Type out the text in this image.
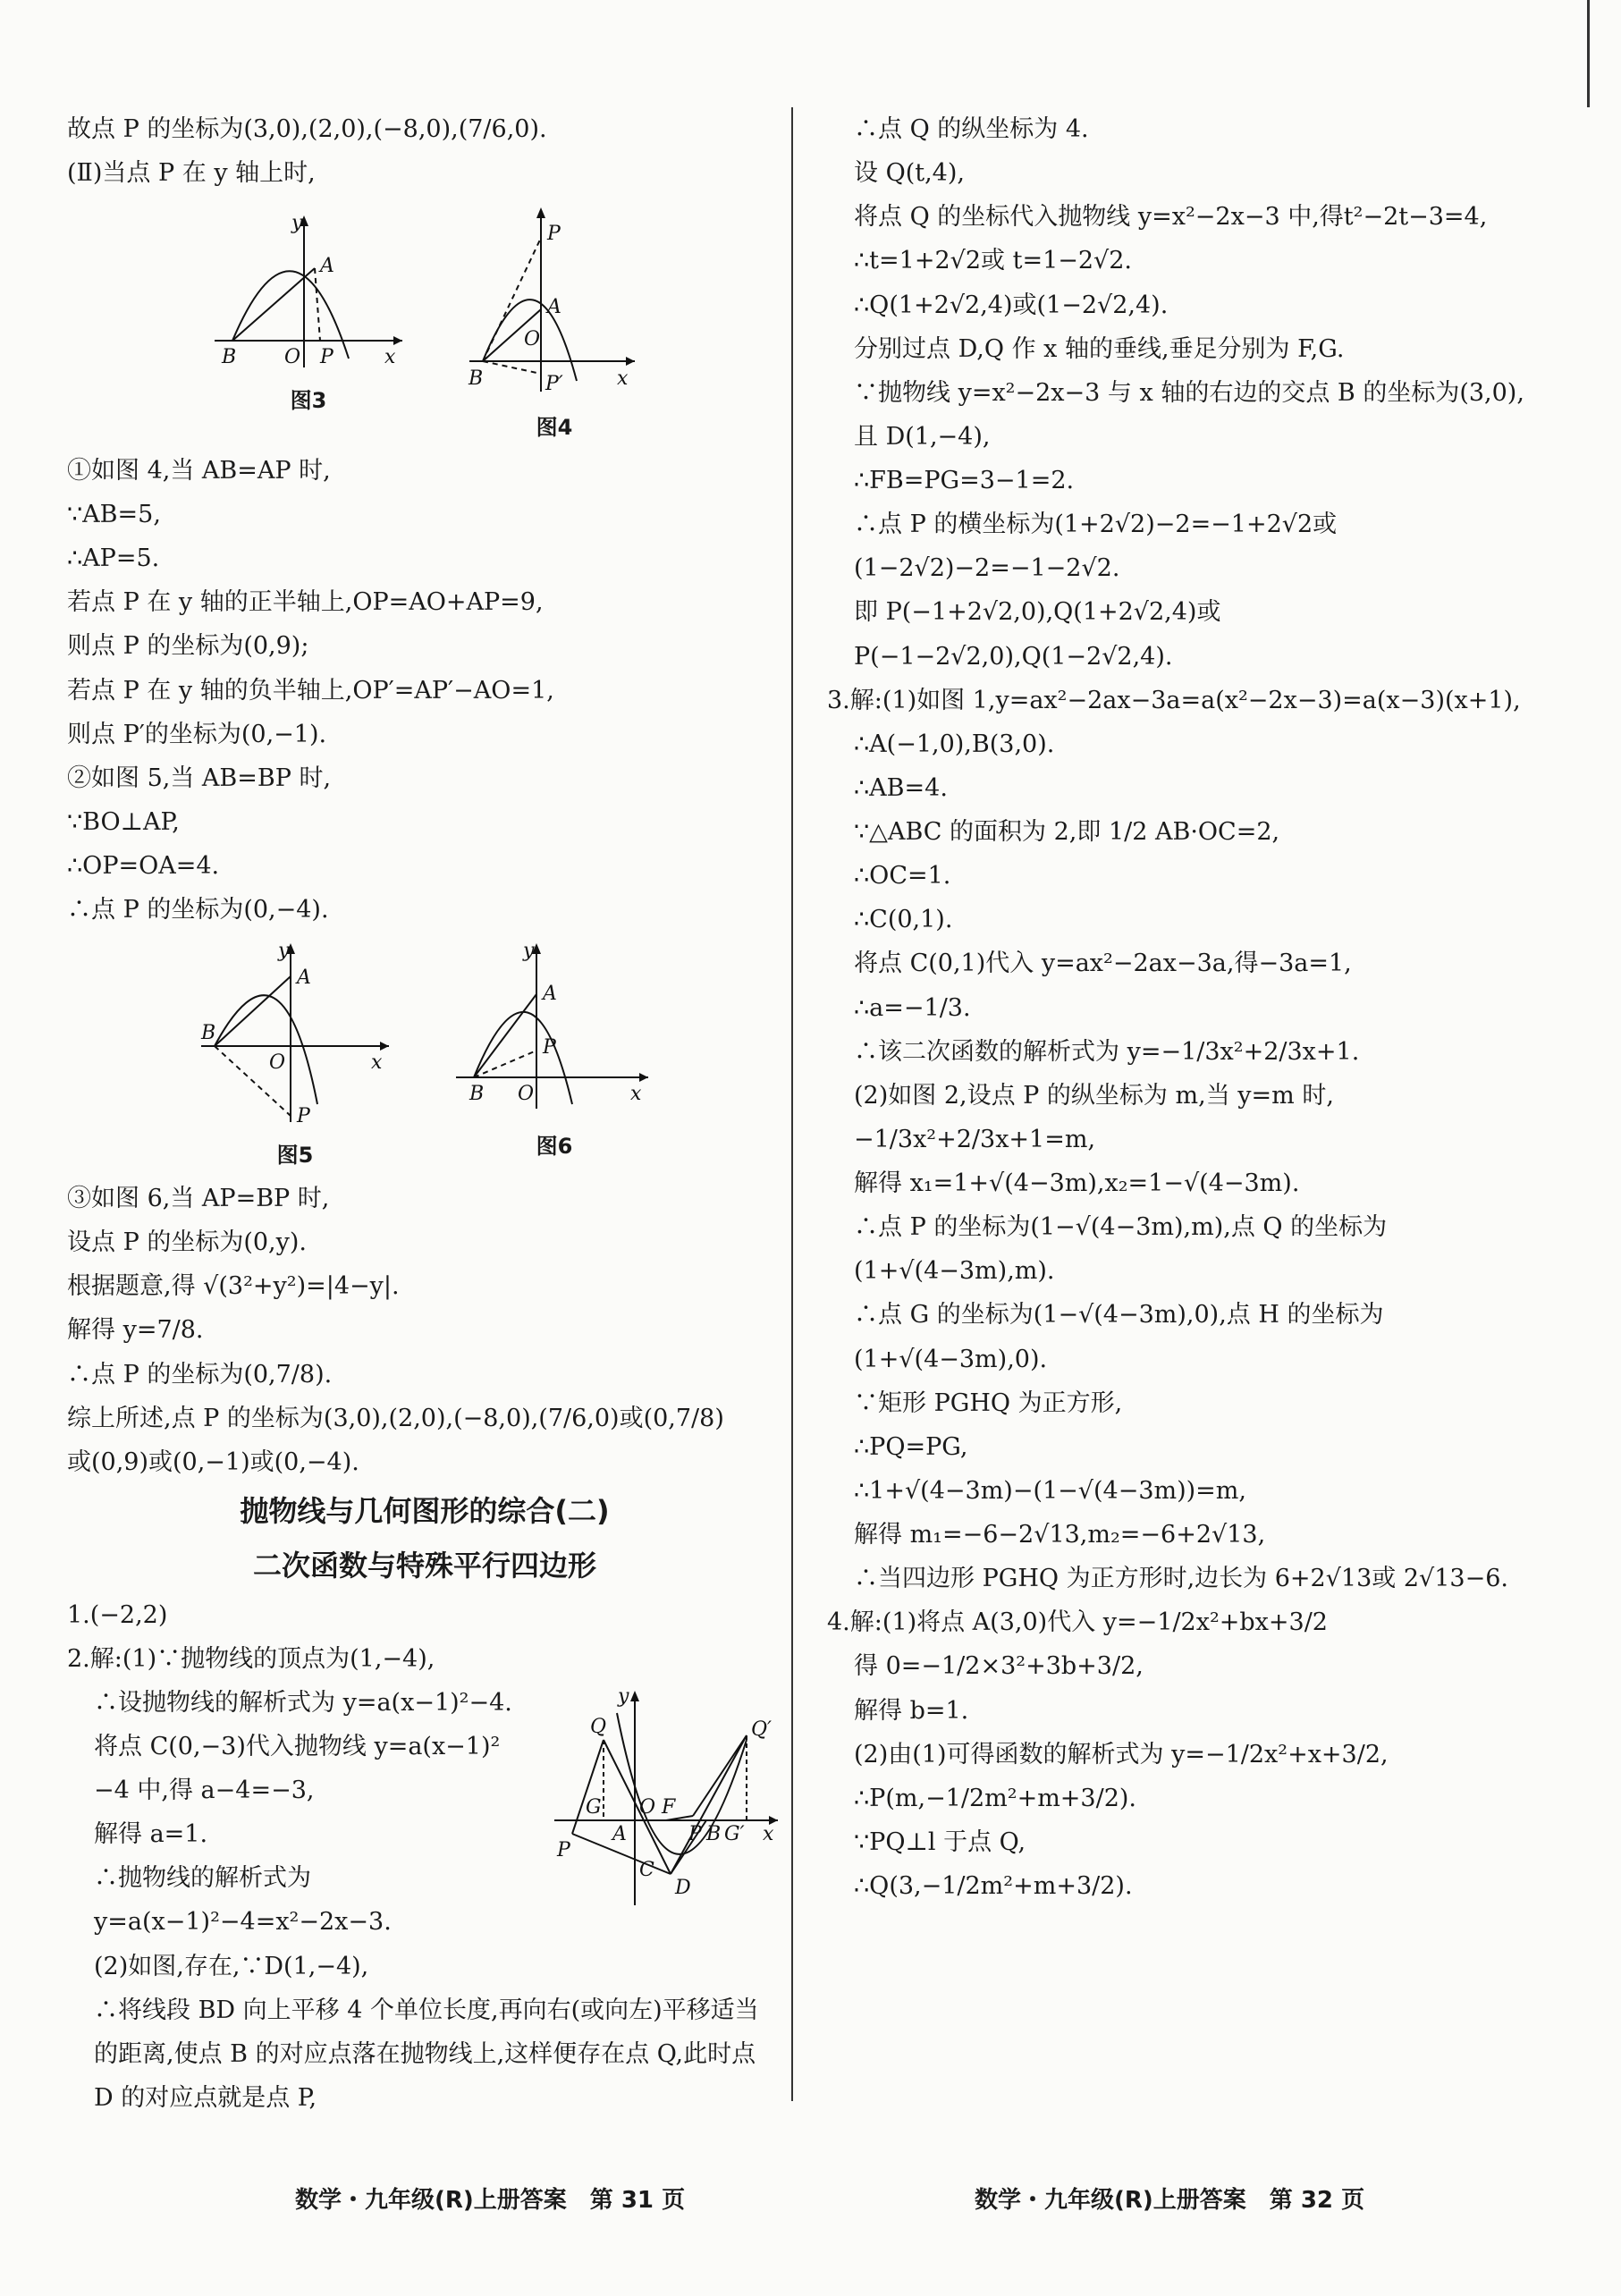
故点 P 的坐标为(3,0),(2,0),(−8,0),(7/6,0).
(Ⅱ)当点 P 在 y 轴上时,
y
A
B O P	x
图3
P
A
O
B	P′	x
图4
①如图 4,当 AB=AP 时,
∵AB=5,
∴AP=5.
若点 P 在 y 轴的正半轴上,OP=AO+AP=9,
则点 P 的坐标为(0,9);
若点 P 在 y 轴的负半轴上,OP′=AP′−AO=1,
则点 P′的坐标为(0,−1).
②如图 5,当 AB=BP 时,
∵BO⊥AP,
∴OP=OA=4.
∴点 P 的坐标为(0,−4).
y
A
B
O
P
x
图5
y
A
P
B O	x
图6
③如图 6,当 AP=BP 时,
设点 P 的坐标为(0,y).
根据题意,得 √(3²+y²)=|4−y|.
解得 y=7/8.
∴点 P 的坐标为(0,7/8).
综上所述,点 P 的坐标为(3,0),(2,0),(−8,0),(7/6,0)或(0,7/8)
或(0,9)或(0,−1)或(0,−4).
抛物线与几何图形的综合(二)
二次函数与特殊平行四边形
1.(−2,2)
2.解:(1)∵抛物线的顶点为(1,−4),
y
Q	Q′
G
A
O F
P B G′
P
C
D
x
∴设抛物线的解析式为 y=a(x−1)²−4.
将点 C(0,−3)代入抛物线 y=a(x−1)²
−4 中,得 a−4=−3,
解得 a=1.
∴抛物线的解析式为 y=a(x−1)²−4=x²−2x−3.
(2)如图,存在,∵D(1,−4),
∴将线段 BD 向上平移 4 个单位长度,再向右(或向左)平移适当的距离,使点 B 的对应点落在抛物线上,这样便存在点 Q,此时点 D 的对应点就是点 P,
∴点 Q 的纵坐标为 4.
设 Q(t,4),
将点 Q 的坐标代入抛物线 y=x²−2x−3 中,得t²−2t−3=4,
∴t=1+2√2或 t=1−2√2.
∴Q(1+2√2,4)或(1−2√2,4).
分别过点 D,Q 作 x 轴的垂线,垂足分别为 F,G.
∵抛物线 y=x²−2x−3 与 x 轴的右边的交点 B 的坐标为(3,0),且 D(1,−4),
∴FB=PG=3−1=2.
∴点 P 的横坐标为(1+2√2)−2=−1+2√2或(1−2√2)−2=−1−2√2.
即 P(−1+2√2,0),Q(1+2√2,4)或 P(−1−2√2,0),Q(1−2√2,4).
3.解:(1)如图 1,y=ax²−2ax−3a=a(x²−2x−3)=a(x−3)(x+1),
∴A(−1,0),B(3,0).
∴AB=4.
∵△ABC 的面积为 2,即 1/2 AB·OC=2,
∴OC=1.
∴C(0,1).
将点 C(0,1)代入 y=ax²−2ax−3a,得−3a=1,
∴a=−1/3.
∴该二次函数的解析式为 y=−1/3x²+2/3x+1.
(2)如图 2,设点 P 的纵坐标为 m,当 y=m 时,−1/3x²+2/3x+1=m,
解得 x₁=1+√(4−3m),x₂=1−√(4−3m).
∴点 P 的坐标为(1−√(4−3m),m),点 Q 的坐标为(1+√(4−3m),m).
∴点 G 的坐标为(1−√(4−3m),0),点 H 的坐标为(1+√(4−3m),0).
∵矩形 PGHQ 为正方形,
∴PQ=PG,
∴1+√(4−3m)−(1−√(4−3m))=m,
解得 m₁=−6−2√13,m₂=−6+2√13,
∴当四边形 PGHQ 为正方形时,边长为 6+2√13或 2√13−6.
4.解:(1)将点 A(3,0)代入 y=−1/2x²+bx+3/2
得 0=−1/2×3²+3b+3/2,
解得 b=1.
(2)由(1)可得函数的解析式为 y=−1/2x²+x+3/2,
∴P(m,−1/2m²+m+3/2).
∵PQ⊥l 于点 Q,
∴Q(3,−1/2m²+m+3/2).
数学・九年级(R)上册答案　第 31 页	数学・九年级(R)上册答案　第 32 页
